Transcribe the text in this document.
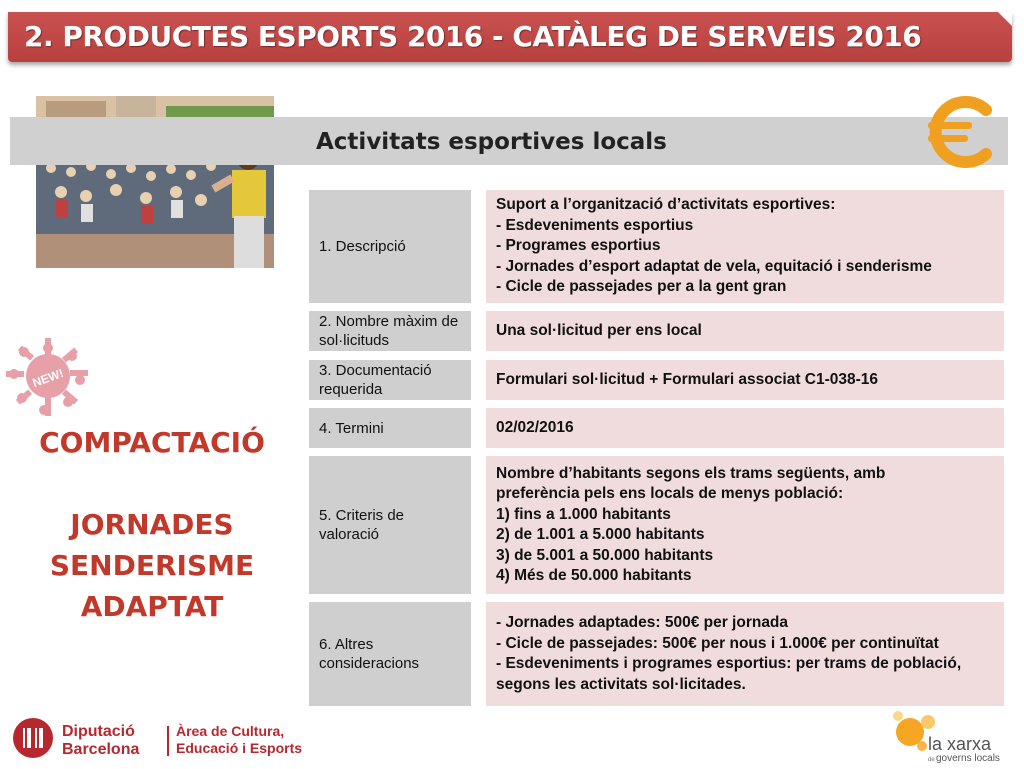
2. PRODUCTES ESPORTS 2016 - CATÀLEG DE SERVEIS 2016
Activitats esportives locals
1. Descripció
Suport a l’organització d’activitats esportives:
- Esdeveniments esportius
- Programes esportius
- Jornades d’esport adaptat de vela, equitació i senderisme
- Cicle de passejades per a la gent gran
2. Nombre màxim de sol·licituds
Una sol·licitud per ens local
3. Documentació requerida
Formulari sol·licitud + Formulari associat C1-038-16
4. Termini	02/02/2016
5. Criteris de valoració
Nombre d’habitants segons els trams següents, amb
preferència pels ens locals de menys població:
1) fins a 1.000 habitants
2) de 1.001 a 5.000 habitants
3) de 5.001 a 50.000 habitants
4) Més de 50.000 habitants
6. Altres consideracions
- Jornades adaptades: 500€ per jornada
- Cicle de passejades: 500€ per nous i 1.000€ per continuïtat
- Esdeveniments i programes esportius: per trams de població,
segons les activitats sol·licitades.
NEW!
COMPACTACIÓ
JORNADES
SENDERISME
ADAPTAT
Diputació
Barcelona
Àrea de Cultura,
Educació i Esports	la xarxa
de governs locals
